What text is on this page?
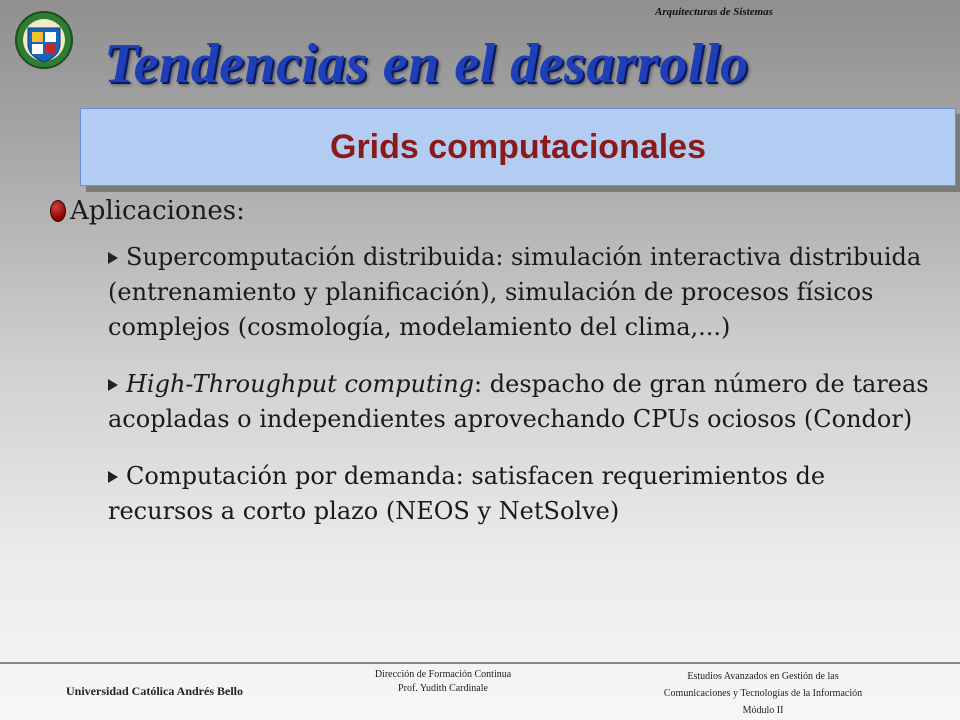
Arquitecturas de Sistemas
Tendencias en el desarrollo
Grids computacionales
Aplicaciones:
Supercomputación distribuida: simulación interactiva distribuida (entrenamiento y planificación), simulación de procesos físicos complejos (cosmología, modelamiento del clima,...)
High-Throughput computing: despacho de gran número de tareas acopladas o independientes aprovechando CPUs ociosos (Condor)
Computación por demanda: satisfacen requerimientos de recursos a corto plazo (NEOS y NetSolve)
Universidad Católica Andrés Bello
Dirección de Formación Continua
Prof. Yudith Cardinale
Estudios Avanzados en Gestión de las
Comunicaciones y Tecnologías de la Información
Módulo II
